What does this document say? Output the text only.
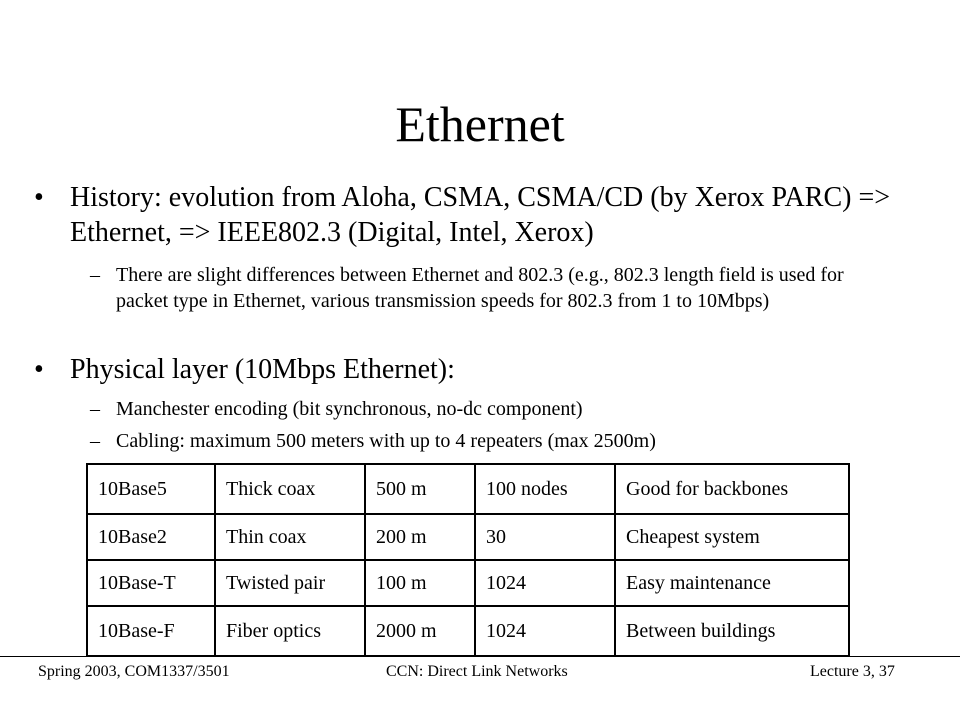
Ethernet
• History: evolution from Aloha, CSMA, CSMA/CD (by Xerox PARC) => Ethernet, => IEEE802.3 (Digital, Intel, Xerox)
– There are slight differences between Ethernet and 802.3 (e.g., 802.3 length field is used for packet type in Ethernet, various transmission speeds for 802.3 from 1 to 10Mbps)
• Physical layer (10Mbps Ethernet):
– Manchester encoding (bit synchronous, no-dc component)
– Cabling: maximum 500 meters with up to 4 repeaters (max 2500m)
10Base5	Thick coax	500 m	100 nodes	Good for backbones
10Base2	Thin coax	200 m	30	Cheapest system
10Base-T	Twisted pair	100 m	1024	Easy maintenance
10Base-F	Fiber optics	2000 m	1024	Between buildings
Spring 2003, COM1337/3501	CCN: Direct Link Networks	Lecture 3, 37
